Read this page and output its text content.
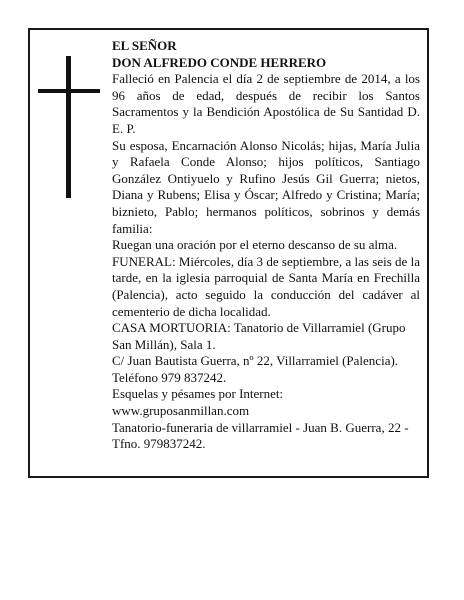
EL SEÑOR

DON ALFREDO CONDE HERRERO

Falleció en Palencia el día 2 de septiembre de 2014, a los 96 años de edad, después de recibir los Santos Sacramentos y la Bendición Apostólica de Su Santidad D. E. P.

Su esposa, Encarnación Alonso Nicolás; hijas, María Julia y Rafaela Conde Alonso; hijos políticos, Santiago González Ontiyuelo y Rufino Jesús Gil Guerra; nietos, Diana y Rubens; Elisa y Óscar; Alfredo y Cristina; María; biznieto, Pablo; hermanos políticos, sobrinos y demás familia:

Ruegan una oración por el eterno descanso de su alma.

FUNERAL: Miércoles, día 3 de septiembre, a las seis de la tarde, en la iglesia parroquial de Santa María en Frechilla (Palencia), acto seguido la conducción del cadáver al cementerio de dicha localidad.

CASA MORTUORIA: Tanatorio de Villarramiel (Grupo San Millán), Sala 1.

C/ Juan Bautista Guerra, nº 22, Villarramiel (Palencia). Teléfono 979 837242.

Esquelas y pésames por Internet: www.gruposanmillan.com

Tanatorio-funeraria de villarramiel - Juan B. Guerra, 22 - Tfno. 979837242.
